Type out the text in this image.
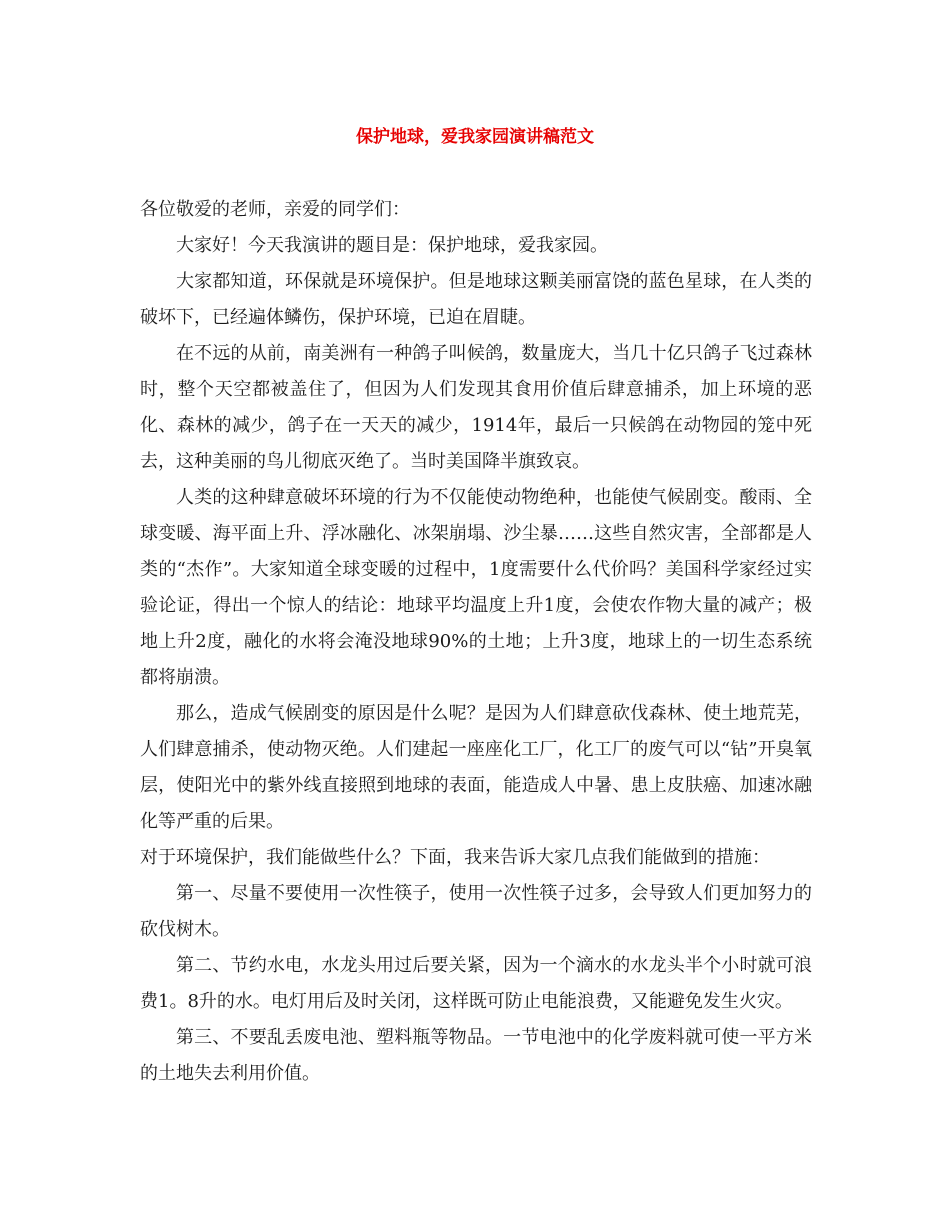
保护地球，爱我家园演讲稿范文

各位敬爱的老师，亲爱的同学们：

大家好！今天我演讲的题目是：保护地球，爱我家园。

大家都知道，环保就是环境保护。但是地球这颗美丽富饶的蓝色星球，在人类的破坏下，已经遍体鳞伤，保护环境，已迫在眉睫。

在不远的从前，南美洲有一种鸽子叫候鸽，数量庞大，当几十亿只鸽子飞过森林时，整个天空都被盖住了，但因为人们发现其食用价值后肆意捕杀，加上环境的恶化、森林的减少，鸽子在一天天的减少，1914年，最后一只候鸽在动物园的笼中死去，这种美丽的鸟儿彻底灭绝了。当时美国降半旗致哀。

人类的这种肆意破坏环境的行为不仅能使动物绝种，也能使气候剧变。酸雨、全球变暖、海平面上升、浮冰融化、冰架崩塌、沙尘暴……这些自然灾害，全部都是人类的“杰作”。大家知道全球变暖的过程中，1度需要什么代价吗？美国科学家经过实验论证，得出一个惊人的结论：地球平均温度上升1度，会使农作物大量的减产；极地上升2度，融化的水将会淹没地球90%的土地；上升3度，地球上的一切生态系统都将崩溃。

那么，造成气候剧变的原因是什么呢？是因为人们肆意砍伐森林、使土地荒芜，人们肆意捕杀，使动物灭绝。人们建起一座座化工厂，化工厂的废气可以“钻”开臭氧层，使阳光中的紫外线直接照到地球的表面，能造成人中暑、患上皮肤癌、加速冰融化等严重的后果。

对于环境保护，我们能做些什么？下面，我来告诉大家几点我们能做到的措施：

第一、尽量不要使用一次性筷子，使用一次性筷子过多，会导致人们更加努力的砍伐树木。

第二、节约水电，水龙头用过后要关紧，因为一个滴水的水龙头半个小时就可浪费1。8升的水。电灯用后及时关闭，这样既可防止电能浪费，又能避免发生火灾。

第三、不要乱丢废电池、塑料瓶等物品。一节电池中的化学废料就可使一平方米的土地失去利用价值。
